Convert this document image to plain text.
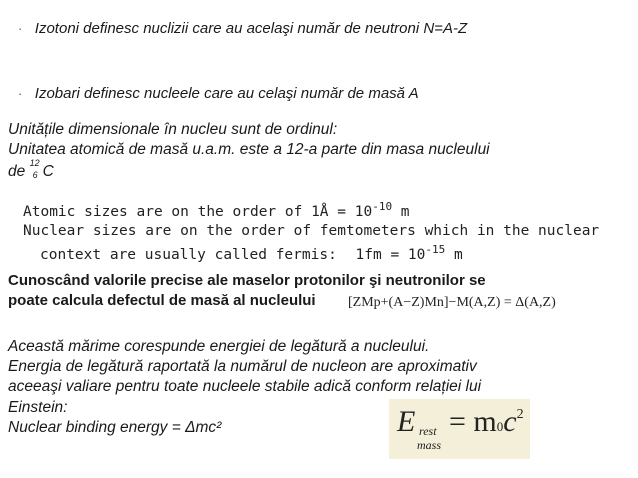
· Izotoni definesc nuclizii care au acelaşi număr de neutroni N=A-Z
· Izobari definesc nucleele care au celaşi număr de masă A
Unitățile dimensionale în nucleu sunt de ordinul:
Unitatea atomică de masă u.a.m. este a 12-a parte din masa nucleului
de 12
6 C
Atomic sizes are on the order of 1Å = $10^{-10}$ m
Nuclear sizes are on the order of femtometers which in the nuclear
context are usually called fermis: $1fm = 10^{-15}$ m
Cunoscând valorile precise ale maselor protonilor şi neutronilor se
poate calcula defectul de masă al nucleului [ZMp+(A−Z)Mn]−M(A,Z) = Δ(A,Z)
Această mărime corespunde energiei de legătură a nucleului.
Energia de legătură raportată la numărul de nucleon are aproximativ
aceeaşi valiare pentru toate nucleele stabile adică conform relației lui
Einstein:
Nuclear binding energy = Δmc²	E rest
mass
= $m0c^2$
